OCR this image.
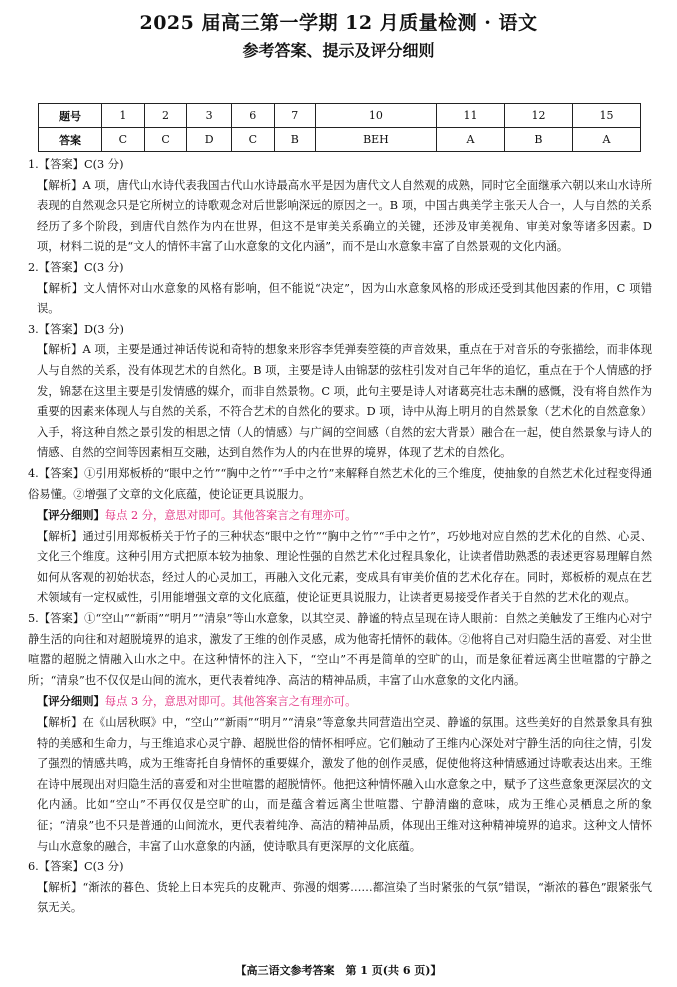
2025 届高三第一学期 12 月质量检测 · 语文
参考答案、提示及评分细则
题号	1	2	3	6	7	10	11	12	15
答案	C	C	D	C	B	BEH	A	B	A

1.【答案】C(3 分)

【解析】A 项，唐代山水诗代表我国古代山水诗最高水平是因为唐代文人自然观的成熟，同时它全面继承六朝以来山水诗所表现的自然观念只是它所树立的诗歌观念对后世影响深远的原因之一。B 项，中国古典美学主张天人合一，人与自然的关系经历了多个阶段，到唐代自然作为内在世界，但这不是审美关系确立的关键，还涉及审美视角、审美对象等诸多因素。D 项，材料二说的是“文人的情怀丰富了山水意象的文化内涵”，而不是山水意象丰富了自然景观的文化内涵。

2.【答案】C(3 分)

【解析】文人情怀对山水意象的风格有影响，但不能说“决定”，因为山水意象风格的形成还受到其他因素的作用，C 项错误。

3.【答案】D(3 分)

【解析】A 项，主要是通过神话传说和奇特的想象来形容李凭弹奏箜篌的声音效果，重点在于对音乐的夸张描绘，而非体现人与自然的关系，没有体现艺术的自然化。B 项，主要是诗人由锦瑟的弦柱引发对自己年华的追忆，重点在于个人情感的抒发，锦瑟在这里主要是引发情感的媒介，而非自然景物。C 项，此句主要是诗人对诸葛亮壮志未酬的感慨，没有将自然作为重要的因素来体现人与自然的关系，不符合艺术的自然化的要求。D 项，诗中从海上明月的自然景象（艺术化的自然意象）入手，将这种自然之景引发的相思之情（人的情感）与广阔的空间感（自然的宏大背景）融合在一起，使自然景象与诗人的情感、自然的空间等因素相互交融，达到自然作为人的内在世界的境界，体现了艺术的自然化。

4.【答案】①引用郑板桥的“眼中之竹”“胸中之竹”“手中之竹”来解释自然艺术化的三个维度，使抽象的自然艺术化过程变得通俗易懂。②增强了文章的文化底蕴，使论证更具说服力。

【评分细则】每点 2 分，意思对即可。其他答案言之有理亦可。

【解析】通过引用郑板桥关于竹子的三种状态“眼中之竹”“胸中之竹”“手中之竹”，巧妙地对应自然的艺术化的自然、心灵、文化三个维度。这种引用方式把原本较为抽象、理论性强的自然艺术化过程具象化，让读者借助熟悉的表述更容易理解自然如何从客观的初始状态，经过人的心灵加工，再融入文化元素，变成具有审美价值的艺术化存在。同时，郑板桥的观点在艺术领域有一定权威性，引用能增强文章的文化底蕴，使论证更具说服力，让读者更易接受作者关于自然的艺术化的观点。

5.【答案】①“空山”“新雨”“明月”“清泉”等山水意象，以其空灵、静谧的特点呈现在诗人眼前：自然之美触发了王维内心对宁静生活的向往和对超脱境界的追求，激发了王维的创作灵感，成为他寄托情怀的载体。②他将自己对归隐生活的喜爱、对尘世喧嚣的超脱之情融入山水之中。在这种情怀的注入下，“空山”不再是简单的空旷的山，而是象征着远离尘世喧嚣的宁静之所；“清泉”也不仅仅是山间的流水，更代表着纯净、高洁的精神品质，丰富了山水意象的文化内涵。

【评分细则】每点 3 分，意思对即可。其他答案言之有理亦可。

【解析】在《山居秋暝》中，“空山”“新雨”“明月”“清泉”等意象共同营造出空灵、静谧的氛围。这些美好的自然景象具有独特的美感和生命力，与王维追求心灵宁静、超脱世俗的情怀相呼应。它们触动了王维内心深处对宁静生活的向往之情，引发了强烈的情感共鸣，成为王维寄托自身情怀的重要媒介，激发了他的创作灵感，促使他将这种情感通过诗歌表达出来。王维在诗中展现出对归隐生活的喜爱和对尘世喧嚣的超脱情怀。他把这种情怀融入山水意象之中，赋予了这些意象更深层次的文化内涵。比如“空山”不再仅仅是空旷的山，而是蕴含着远离尘世喧嚣、宁静清幽的意味，成为王维心灵栖息之所的象征；“清泉”也不只是普通的山间流水，更代表着纯净、高洁的精神品质，体现出王维对这种精神境界的追求。这种文人情怀与山水意象的融合，丰富了山水意象的内涵，使诗歌具有更深厚的文化底蕴。

6.【答案】C(3 分)

【解析】“渐浓的暮色、货轮上日本宪兵的皮靴声、弥漫的烟雾……都渲染了当时紧张的气氛”错误，“渐浓的暮色”跟紧张气氛无关。

【高三语文参考答案　第 1 页(共 6 页)】
